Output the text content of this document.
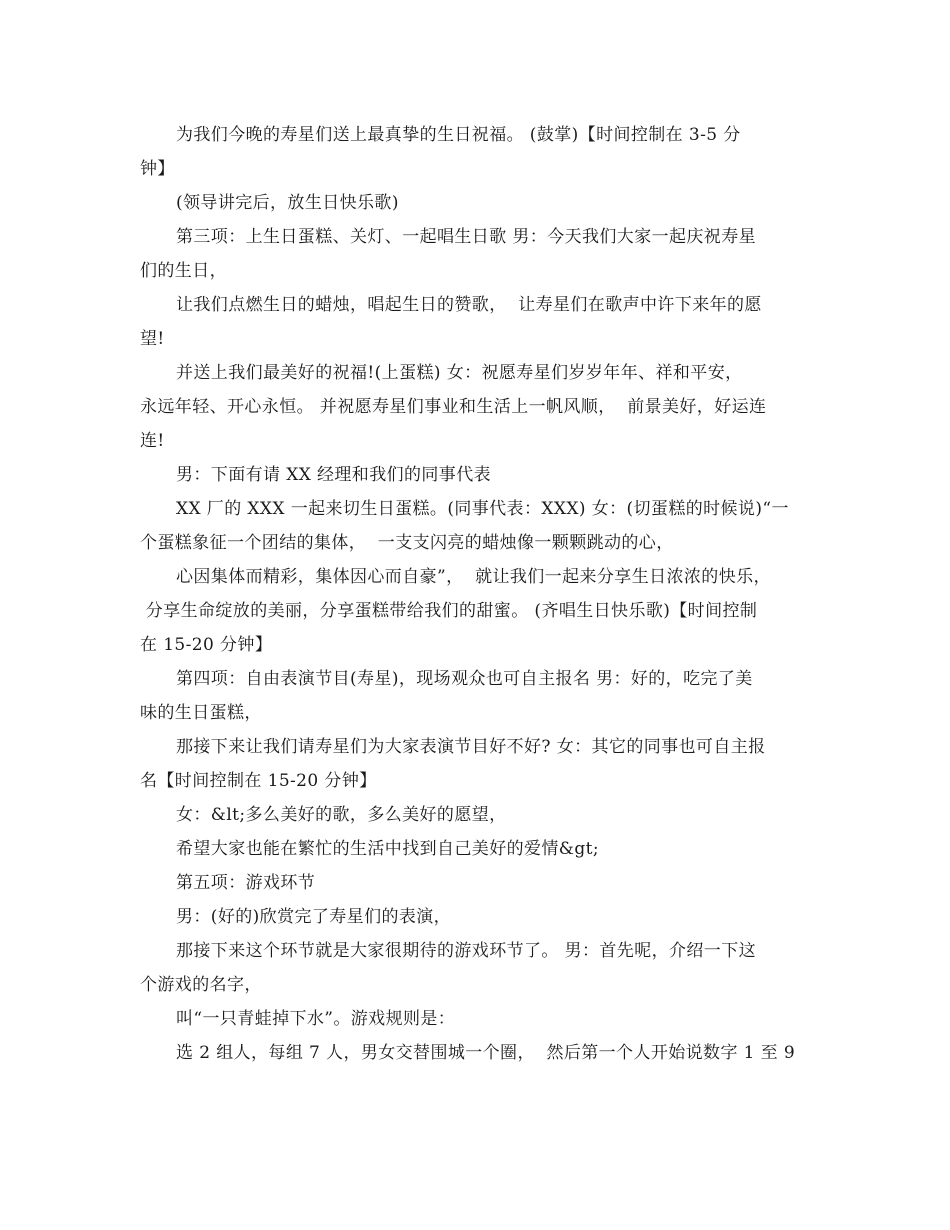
为我们今晚的寿星们送上最真挚的生日祝福。 (鼓掌)【时间控制在 3-5 分
钟】
(领导讲完后，放生日快乐歌)
第三项：上生日蛋糕、关灯、一起唱生日歌 男：今天我们大家一起庆祝寿星
们的生日，
让我们点燃生日的蜡烛，唱起生日的赞歌，  让寿星们在歌声中许下来年的愿
望!
并送上我们最美好的祝福!(上蛋糕) 女：祝愿寿星们岁岁年年、祥和平安，
永远年轻、开心永恒。 并祝愿寿星们事业和生活上一帆风顺，  前景美好，好运连
连!
男：下面有请 XX 经理和我们的同事代表
XX 厂的 XXX 一起来切生日蛋糕。(同事代表：XXX) 女：(切蛋糕的时候说)“一
个蛋糕象征一个团结的集体，  一支支闪亮的蜡烛像一颗颗跳动的心，
心因集体而精彩，集体因心而自豪”，  就让我们一起来分享生日浓浓的快乐，
分享生命绽放的美丽，分享蛋糕带给我们的甜蜜。 (齐唱生日快乐歌)【时间控制
在 15-20 分钟】
第四项：自由表演节目(寿星)，现场观众也可自主报名 男：好的，吃完了美
味的生日蛋糕，
那接下来让我们请寿星们为大家表演节目好不好? 女：其它的同事也可自主报
名【时间控制在 15-20 分钟】
女：&lt;多么美好的歌，多么美好的愿望，
希望大家也能在繁忙的生活中找到自己美好的爱情&gt;
第五项：游戏环节
男：(好的)欣赏完了寿星们的表演，
那接下来这个环节就是大家很期待的游戏环节了。 男：首先呢，介绍一下这
个游戏的名字，
叫“一只青蛙掉下水”。游戏规则是：
选 2 组人，每组 7 人，男女交替围城一个圈，  然后第一个人开始说数字 1 至 9
